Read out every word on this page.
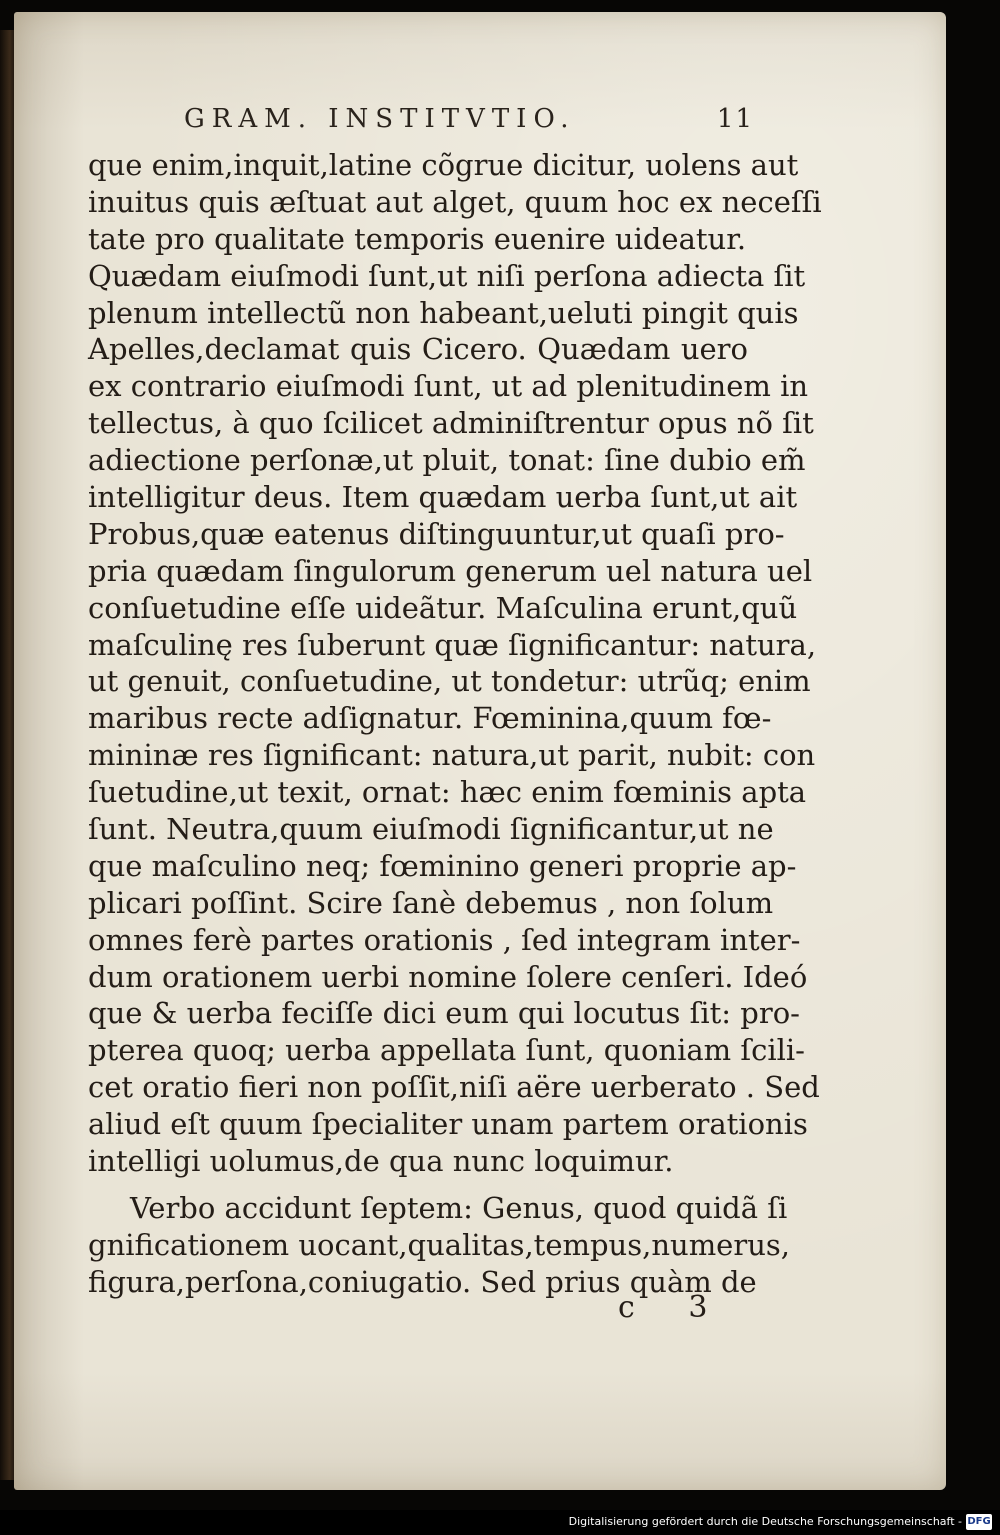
GRAM. INSTITVTIO.	11
que enim,inquit,latine cõgrue dicitur, uolens aut
inuitus quis æſtuat aut alget, quum hoc ex neceſſi
tate pro qualitate temporis euenire uideatur.
Quædam eiuſmodi ſunt,ut niſi perſona adiecta ſit
plenum intellectũ non habeant,ueluti pingit quis
Apelles,declamat quis Cicero. Quædam uero
ex contrario eiuſmodi ſunt, ut ad plenitudinem in
tellectus, à quo ſcilicet adminiſtrentur opus nõ ſit
adiectione perſonæ,ut pluit, tonat: ſine dubio em̃
intelligitur deus. Item quædam uerba ſunt,ut ait
Probus,quæ eatenus diſtinguuntur,ut quaſi pro-
pria quædam ſingulorum generum uel natura uel
conſuetudine eſſe uideãtur. Maſculina erunt,quũ
maſculinę res ſuberunt quæ ſignificantur: natura,
ut genuit, conſuetudine, ut tondetur: utrũq; enim
maribus recte adſignatur. Fœminina,quum fœ-
mininæ res ſignificant: natura,ut parit, nubit: con
ſuetudine,ut texit, ornat: hæc enim fœminis apta
ſunt. Neutra,quum eiuſmodi ſignificantur,ut ne
que maſculino neq; fœminino generi proprie ap-
plicari poſſint. Scire ſanè debemus , non ſolum
omnes ferè partes orationis , ſed integram inter-
dum orationem uerbi nomine ſolere cenſeri. Ideó
que & uerba feciſſe dici eum qui locutus ſit: pro-
pterea quoq; uerba appellata ſunt, quoniam ſcili-
cet oratio fieri non poſſit,niſi aëre uerberato . Sed
aliud eſt quum ſpecialiter unam partem orationis
intelligi uolumus,de qua nunc loquimur.
Verbo accidunt ſeptem: Genus, quod quidã ſi
gnificationem uocant,qualitas,tempus,numerus,
figura,perſona,coniugatio. Sed prius quàm de
c 3
Digitalisierung gefördert durch die Deutsche Forschungsgemeinschaft - DFG
